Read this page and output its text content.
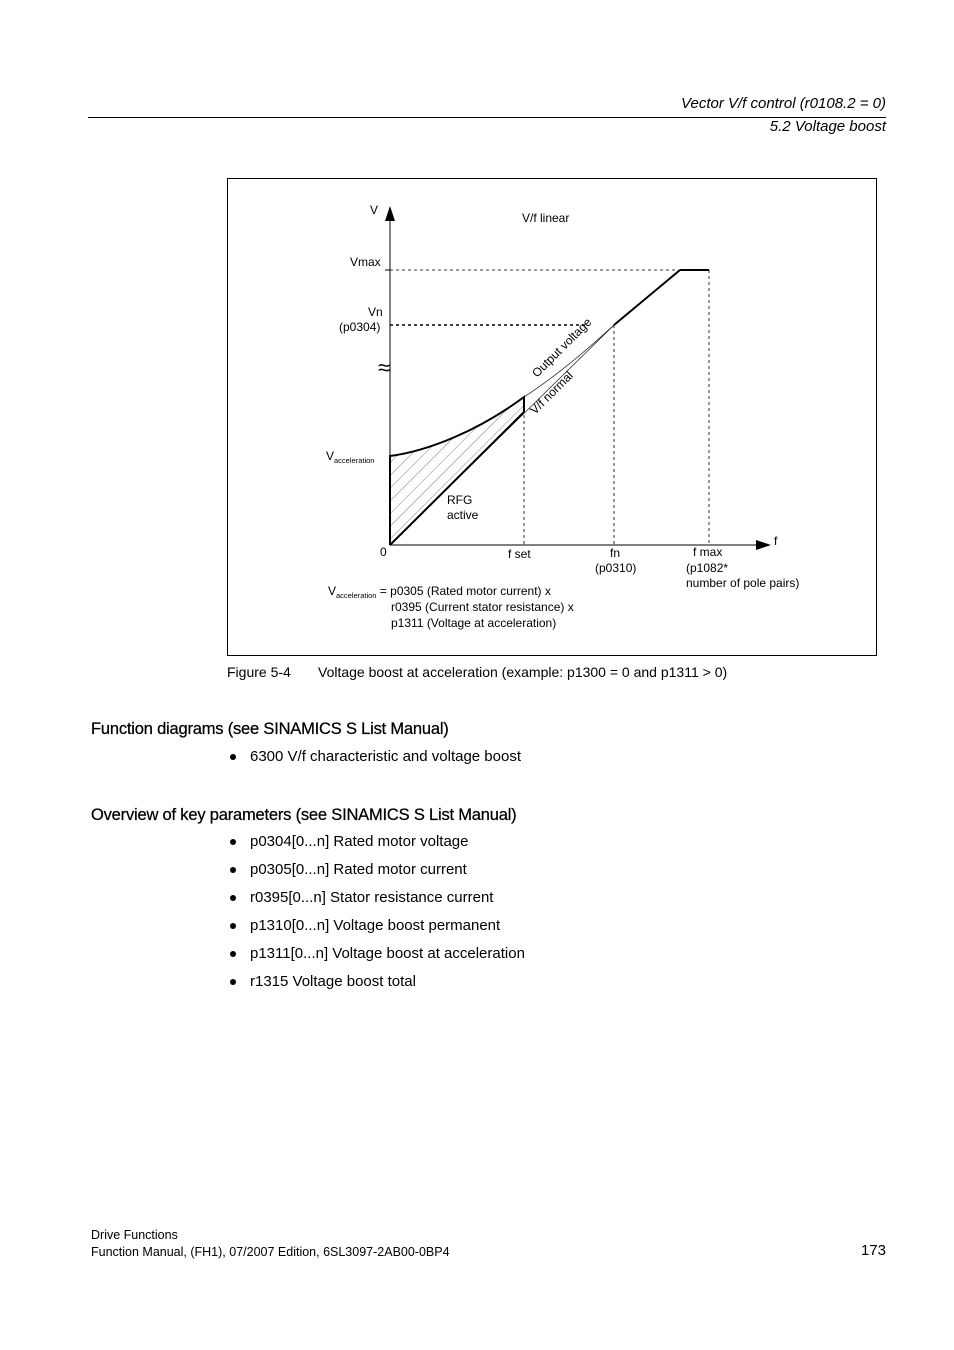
Vector V/f control (r0108.2 = 0)
5.2 Voltage boost
V
V/f linear
Vmax
Vn
(p0304)
≈
$V_{acceleration}$
Output voltage
V/f normal
RFG
active
0	f set	fn
(p0310)
f max
(p1082*
number of pole pairs)
f
$V_{acceleration} = p0305$ (Rated motor current) x
r0395 (Current stator resistance) x
p1311 (Voltage at acceleration)
Figure 5-4 Voltage boost at acceleration (example: p1300 = 0 and p1311 > 0)
Function diagrams (see SINAMICS S List Manual)
6300 V/f characteristic and voltage boost
Overview of key parameters (see SINAMICS S List Manual)
p0304[0...n] Rated motor voltage
p0305[0...n] Rated motor current
r0395[0...n] Stator resistance current
p1310[0...n] Voltage boost permanent
p1311[0...n] Voltage boost at acceleration
r1315 Voltage boost total
Drive Functions
Function Manual, (FH1), 07/2007 Edition, 6SL3097-2AB00-0BP4	173
